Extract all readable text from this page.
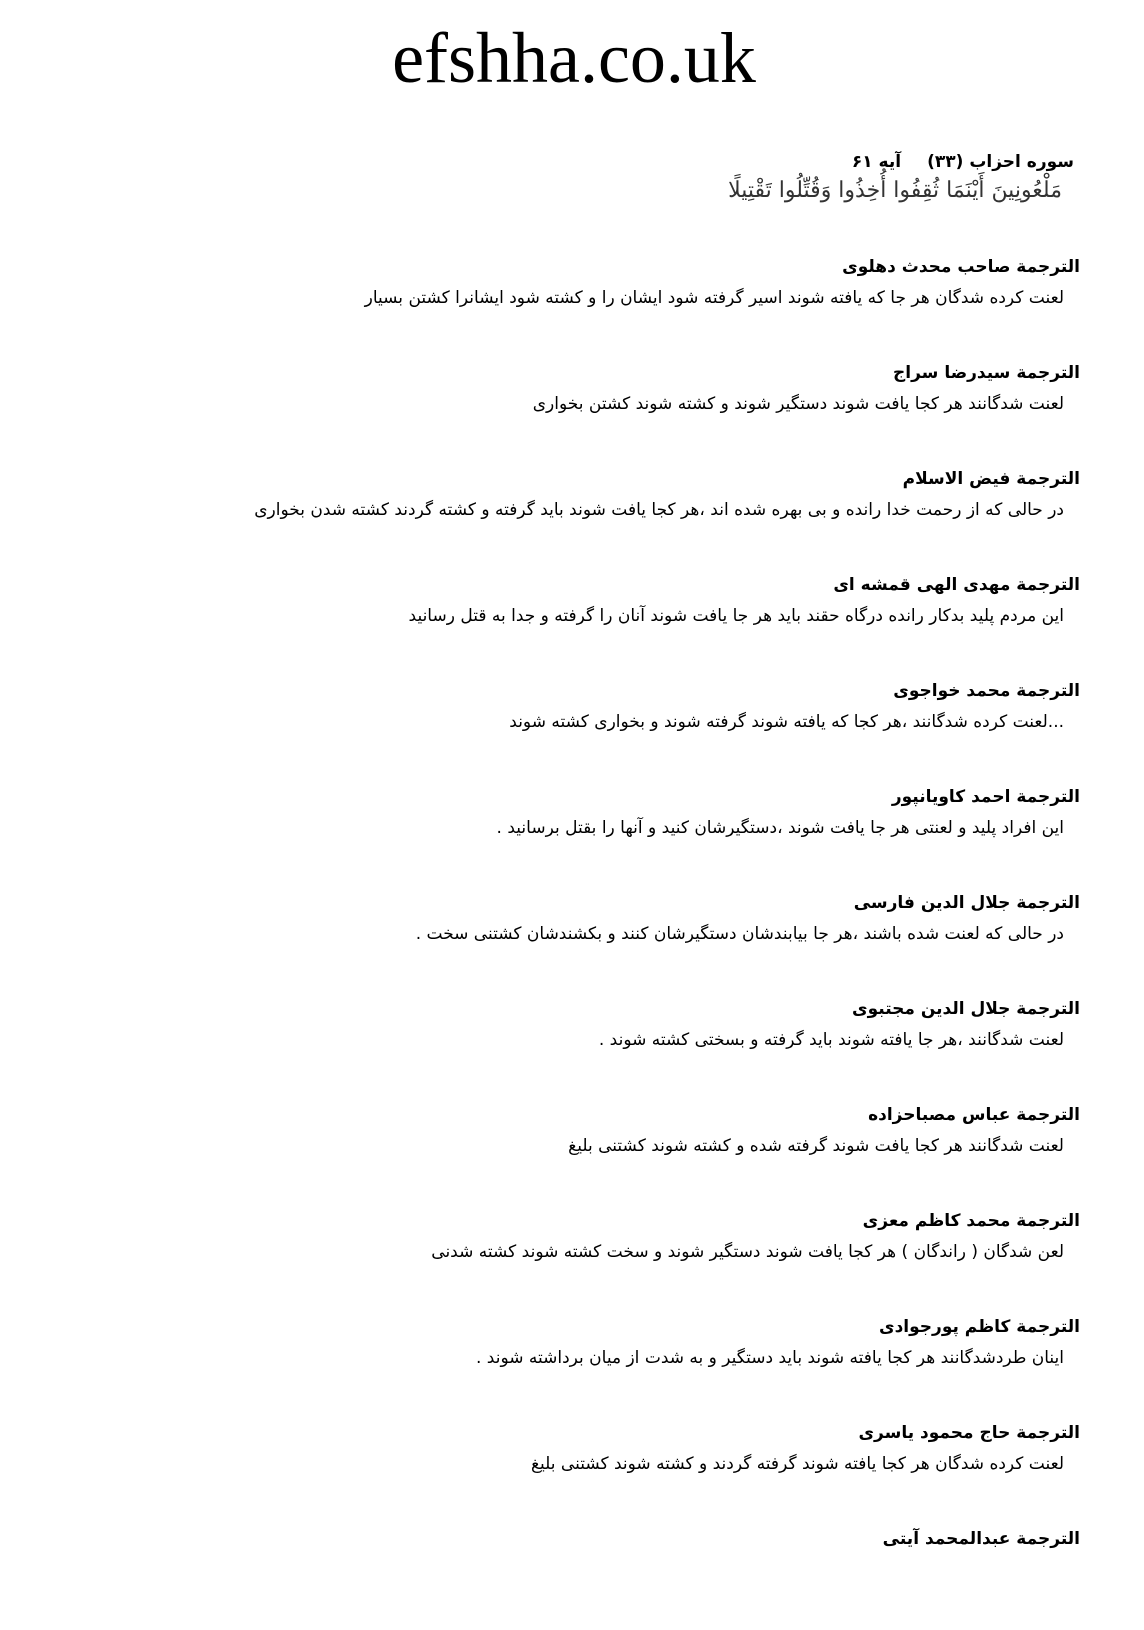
efshha.co.uk
سوره احزاب (۳۳)آيه ۶۱
مَلْعُونِينَ أَيْنَمَا ثُقِفُوا أُخِذُوا وَقُتِّلُوا تَقْتِيلًا
الترجمة صاحب محدث دهلوى
لعنت كرده شدگان هر جا كه يافته شوند اسير گرفته شود ايشان را و كشته شود ايشانرا كشتن بسيار
الترجمة سيدرضا سراج
لعنت شدگانند هر كجا يافت شوند دستگير شوند و كشته شوند كشتن بخوارى
الترجمة فيض الاسلام
در حالى كه از رحمت خدا رانده و بى بهره شده اند ،هر كجا يافت شوند بايد گرفته و كشته گردند كشته شدن بخوارى
الترجمة مهدى الهى قمشه اى
اين مردم پليد بدكار رانده درگاه حقند بايد هر جا يافت شوند آنان را گرفته و جدا به قتل رسانيد
الترجمة محمد خواجوى
...لعنت كرده شدگانند ،هر كجا كه يافته شوند گرفته شوند و بخوارى كشته شوند
الترجمة احمد كاويانپور
اين افراد پليد و لعنتى هر جا يافت شوند ،دستگيرشان كنيد و آنها را بقتل برسانيد .
الترجمة جلال الدين فارسى
در حالى كه لعنت شده باشند ،هر جا بيابندشان دستگيرشان كنند و بكشندشان كشتنى سخت .
الترجمة جلال الدين مجتبوى
لعنت شدگانند ،هر جا يافته شوند بايد گرفته و بسختى كشته شوند .
الترجمة عباس مصباحزاده
لعنت شدگانند هر كجا يافت شوند گرفته شده و كشته شوند كشتنى بليغ
الترجمة محمد كاظم معزى
لعن شدگان ( راندگان ) هر كجا يافت شوند دستگير شوند و سخت كشته شوند كشته شدنى
الترجمة كاظم پورجوادى
اينان طردشدگانند هر كجا يافته شوند بايد دستگير و به شدت از ميان برداشته شوند .
الترجمة حاج محمود ياسرى
لعنت كرده شدگان هر كجا يافته شوند گرفته گردند و كشته شوند كشتنى بليغ
الترجمة عبدالمحمد آيتى
